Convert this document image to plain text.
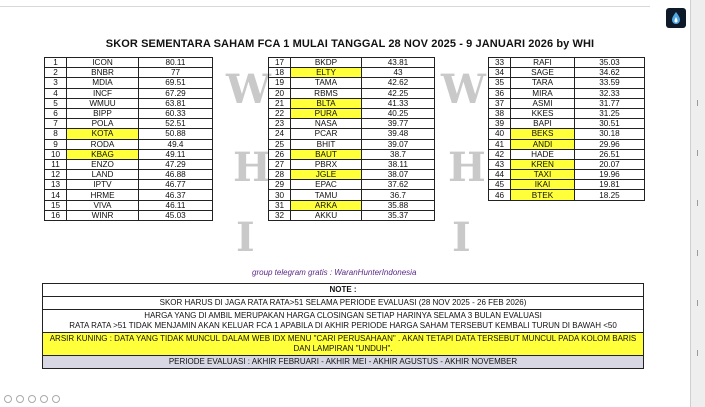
SKOR SEMENTARA SAHAM FCA 1 MULAI TANGGAL 28 NOV 2025 - 9 JANUARI 2026 by WHI
W
H
I
W
H
I
1	ICON	80.11
2	BNBR	77
3	MDIA	69.51
4	INCF	67.29
5	WMUU	63.81
6	BIPP	60.33
7	POLA	52.51
8	KOTA	50.88
9	RODA	49.4
10	KBAG	49.11
11	ENZO	47.29
12	LAND	46.88
13	IPTV	46.77
14	HRME	46.37
15	VIVA	46.11
16	WINR	45.03
17	BKDP	43.81
18	ELTY	43
19	TAMA	42.62
20	RBMS	42.25
21	BLTA	41.33
22	PURA	40.25
23	NASA	39.77
24	PCAR	39.48
25	BHIT	39.07
26	BAUT	38.7
27	PBRX	38.11
28	JGLE	38.07
29	EPAC	37.62
30	TAMU	36.7
31	ARKA	35.88
32	AKKU	35.37
33	RAFI	35.03
34	SAGE	34.62
35	TARA	33.59
36	MIRA	32.33
37	ASMI	31.77
38	KKES	31.25
39	BAPI	30.51
40	BEKS	30.18
41	ANDI	29.96
42	HADE	26.51
43	KREN	20.07
44	TAXI	19.96
45	IKAI	19.81
46	BTEK	18.25
group telegram gratis : WaranHunterIndonesia
NOTE :
SKOR HARUS DI JAGA RATA RATA>51 SELAMA PERIODE EVALUASI (28 NOV 2025 - 26 FEB 2026)

HARGA YANG DI AMBIL MERUPAKAN HARGA CLOSINGAN SETIAP HARINYA SELAMA 3 BULAN EVALUASI
RATA RATA >51 TIDAK MENJAMIN AKAN KELUAR FCA 1 APABILA DI AKHIR PERIODE HARGA SAHAM TERSEBUT KEMBALI TURUN DI BAWAH <50

ARSIR KUNING : DATA YANG TIDAK MUNCUL DALAM WEB IDX MENU "CARI PERUSAHAAN" . AKAN TETAPI DATA TERSEBUT MUNCUL PADA KOLOM BARIS DAN LAMPIRAN "UNDUH".
PERIODE EVALUASI : AKHIR FEBRUARI - AKHIR MEI - AKHIR AGUSTUS - AKHIR NOVEMBER
